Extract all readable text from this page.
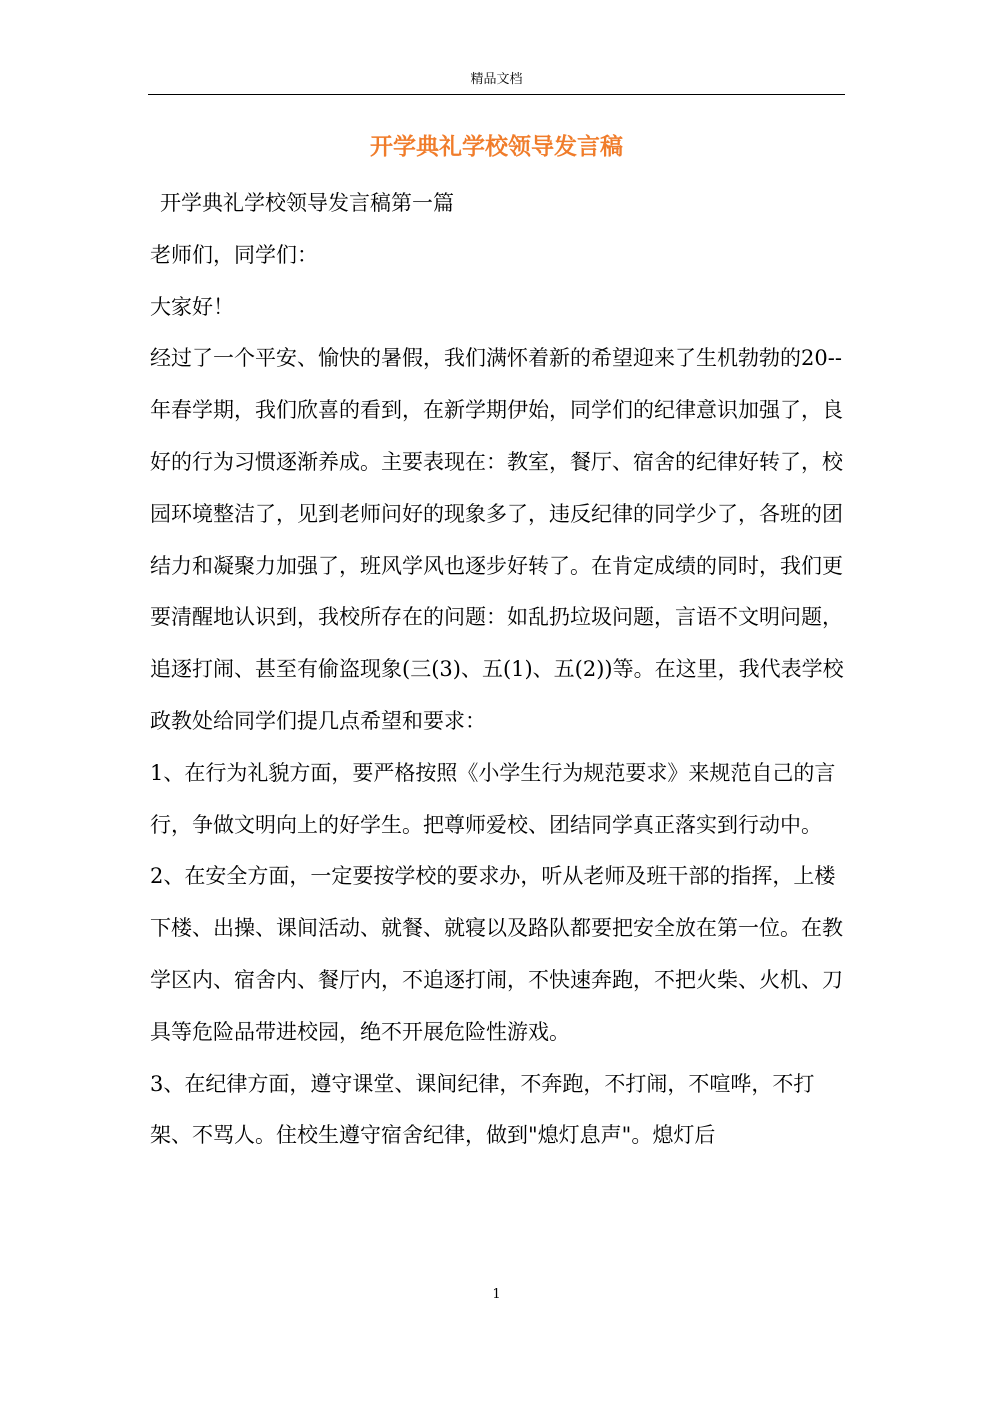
精品文档
开学典礼学校领导发言稿

开学典礼学校领导发言稿第一篇

老师们，同学们：

大家好！

经过了一个平安、愉快的暑假，我们满怀着新的希望迎来了生机勃勃的20--年春学期，我们欣喜的看到，在新学期伊始，同学们的纪律意识加强了，良好的行为习惯逐渐养成。主要表现在：教室，餐厅、宿舍的纪律好转了，校园环境整洁了，见到老师问好的现象多了，违反纪律的同学少了，各班的团结力和凝聚力加强了，班风学风也逐步好转了。在肯定成绩的同时，我们更要清醒地认识到，我校所存在的问题：如乱扔垃圾问题，言语不文明问题，追逐打闹、甚至有偷盗现象(三(3)、五(1)、五(2))等。在这里，我代表学校政教处给同学们提几点希望和要求：

1、在行为礼貌方面，要严格按照《小学生行为规范要求》来规范自己的言行，争做文明向上的好学生。把尊师爱校、团结同学真正落实到行动中。

2、在安全方面，一定要按学校的要求办，听从老师及班干部的指挥，上楼下楼、出操、课间活动、就餐、就寝以及路队都要把安全放在第一位。在教学区内、宿舍内、餐厅内，不追逐打闹，不快速奔跑，不把火柴、火机、刀具等危险品带进校园，绝不开展危险性游戏。

3、在纪律方面，遵守课堂、课间纪律，不奔跑，不打闹，不喧哗，不打架、不骂人。住校生遵守宿舍纪律，做到"熄灯息声"。熄灯后

1
